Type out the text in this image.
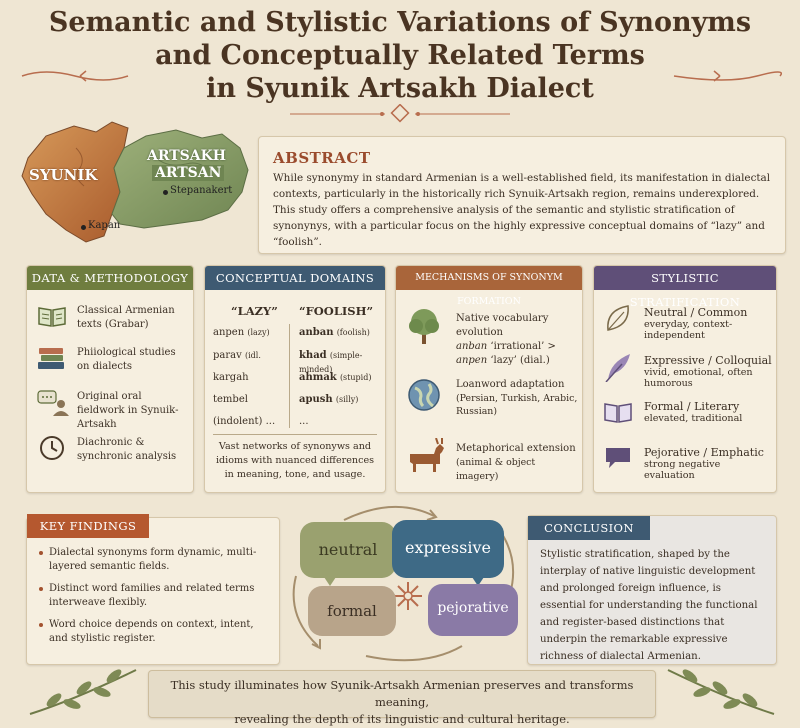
Semantic and Stylistic Variations of Synonyms
and Conceptually Related Terms
in Syunik Artsakh Dialect
SYUNIK
ARTSAKH
ARTSAN
Stepanakert
Kapan
ABSTRACT

While synonymy in standard Armenian is a well-established field, its manifestation in dialectal contexts, particularly in the historically rich Synuik-Artsakh region, remains underexplored. This study offers a comprehensive analysis of the semantic and stylistic stratification of synonynys, with a particular focus on the highly expressive conceptual domains of “lazy” and “foolish”.

DATA & METHODOLOGY
Classical Armenian texts (Grabar)
Phiiological studies on dialects
Original oral fieldwork in Synuik-Artsakh
Diachronic & synchronic analysis
CONCEPTUAL DOMAINS
“LAZY” “FOOLISH”
anpen (lazy)
parav (idl.
kargah
tembel
(indolent) ...
anban (foolish)
khad (simple-minded)
ahmak (stupid)
apush (silly)
...
Vast networks of synonyws and idioms with nuanced differences in meaning, tone, and usage.
MECHANISMS OF SYNONYM FORMATION
Native vocabulary evolution
anban ‘irrational’ >
anpen ‘lazy’ (dial.)
Loanword adaptation
(Persian, Turkish, Arabic, Russian)
Metaphorical extension
(animal & object imagery)
STYLISTIC STRATIFICATION
Neutral / Common
everyday, context-independent
Expressive / Colloquial
vivid, emotional, often humorous
Formal / Literary
elevated, traditional
Pejorative / Emphatic
strong negative evaluation
KEY FINDINGS
Dialectal synonyms form dynamic, multi-layered semantic fields.
Distinct word families and related terms interweave flexibly.
Word choice depends on context, intent, and stylistic register.
neutral	expressive
formal	pejorative
CONCLUSION

Stylistic stratification, shaped by the interplay of native linguistic development and prolonged foreign influence, is essential for understanding the functional and register-based distinctions that underpin the remarkable expressive richness of dialectal Armenian.

This study illuminates how Syunik-Artsakh Armenian preserves and transforms meaning,
revealing the depth of its linguistic and cultural heritage.
